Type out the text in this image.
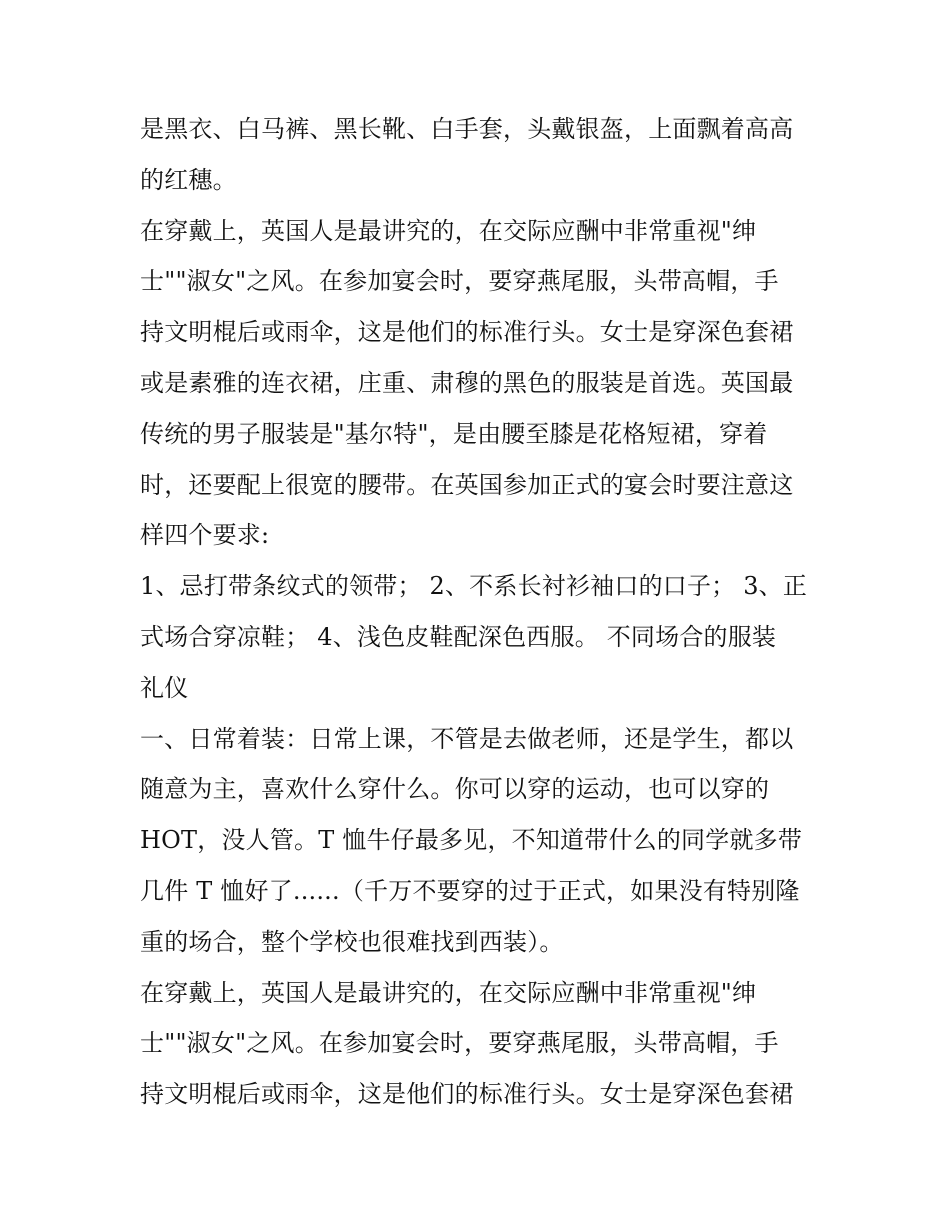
是黑衣、白马裤、黑长靴、白手套，头戴银盔，上面飘着高高
的红穗。
在穿戴上，英国人是最讲究的，在交际应酬中非常重视"绅
士""淑女"之风。在参加宴会时，要穿燕尾服，头带高帽，手
持文明棍后或雨伞，这是他们的标准行头。女士是穿深色套裙
或是素雅的连衣裙，庄重、肃穆的黑色的服装是首选。英国最
传统的男子服装是"基尔特"，是由腰至膝是花格短裙，穿着
时，还要配上很宽的腰带。在英国参加正式的宴会时要注意这
样四个要求:
1、忌打带条纹式的领带； 2、不系长衬衫袖口的口子； 3、正
式场合穿凉鞋； 4、浅色皮鞋配深色西服。 不同场合的服装
礼仪
一、日常着装：日常上课，不管是去做老师，还是学生，都以
随意为主，喜欢什么穿什么。你可以穿的运动，也可以穿的
HOT，没人管。T 恤牛仔最多见，不知道带什么的同学就多带
几件 T 恤好了......（千万不要穿的过于正式，如果没有特别隆
重的场合，整个学校也很难找到西装）。
在穿戴上，英国人是最讲究的，在交际应酬中非常重视"绅
士""淑女"之风。在参加宴会时，要穿燕尾服，头带高帽，手
持文明棍后或雨伞，这是他们的标准行头。女士是穿深色套裙
